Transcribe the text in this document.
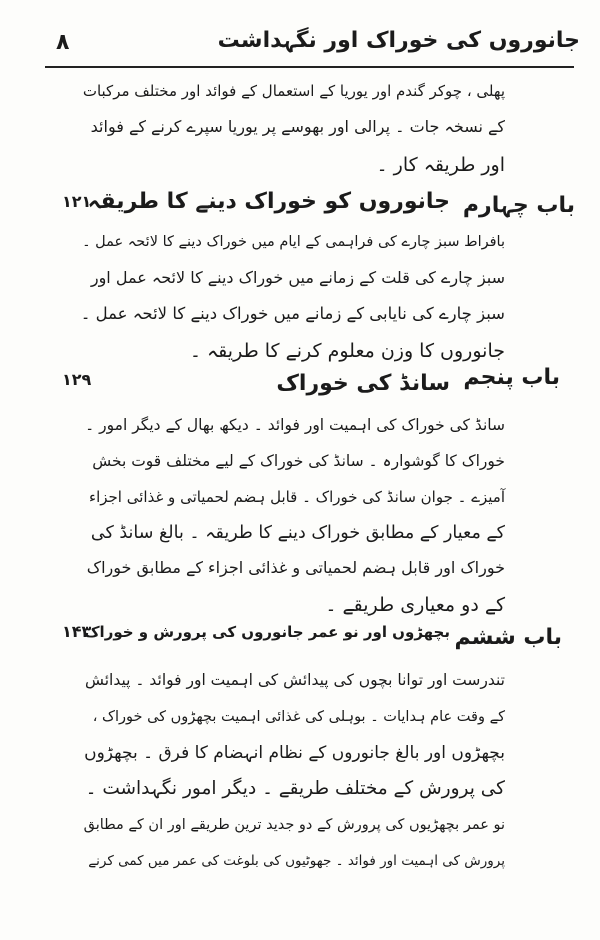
۸	جانوروں کی خوراک اور نگہداشت
پھلی ، چوکر گندم اور یوریا کے استعمال کے فوائد اور مختلف مرکبات
کے نسخہ جات ۔ پرالی اور بھوسے پر یوریا سپرے کرنے کے فوائد
اور طریقہ کار ۔
باب چہارم
جانوروں کو خوراک دینے کا طریقہ
۱۲۱
بافراط سبز چارے کی فراہمی کے ایام میں خوراک دینے کا لائحہ عمل ۔
سبز چارے کی قلت کے زمانے میں خوراک دینے کا لائحہ عمل اور
سبز چارے کی نایابی کے زمانے میں خوراک دینے کا لائحہ عمل ۔
جانوروں کا وزن معلوم کرنے کا طریقہ ۔
باب پنجم
سانڈ کی خوراک
۱۲۹
سانڈ کی خوراک کی اہمیت اور فوائد ۔ دیکھ بھال کے دیگر امور ۔
خوراک کا گوشوارہ ۔ سانڈ کی خوراک کے لیے مختلف قوت بخش
آمیزے ۔ جوان سانڈ کی خوراک ۔ قابل ہضم لحمیاتی و غذائی اجزاء
کے معیار کے مطابق خوراک دینے کا طریقہ ۔ بالغ سانڈ کی
خوراک اور قابل ہضم لحمیاتی و غذائی اجزاء کے مطابق خوراک
کے دو معیاری طریقے ۔
باب ششم
بچھڑوں اور نو عمر جانوروں کی پرورش و خوراک
۱۴۳
تندرست اور توانا بچوں کی پیدائش کی اہمیت اور فوائد ۔ پیدائش
کے وقت عام ہدایات ۔ بوہلی کی غذائی اہمیت بچھڑوں کی خوراک ،
بچھڑوں اور بالغ جانوروں کے نظام انہضام کا فرق ۔ بچھڑوں
کی پرورش کے مختلف طریقے ۔ دیگر امور نگہداشت ۔
نو عمر بچھڑیوں کی پرورش کے دو جدید ترین طریقے اور ان کے مطابق
پرورش کی اہمیت اور فوائد ۔ جھوٹیوں کی بلوغت کی عمر میں کمی کرنے
